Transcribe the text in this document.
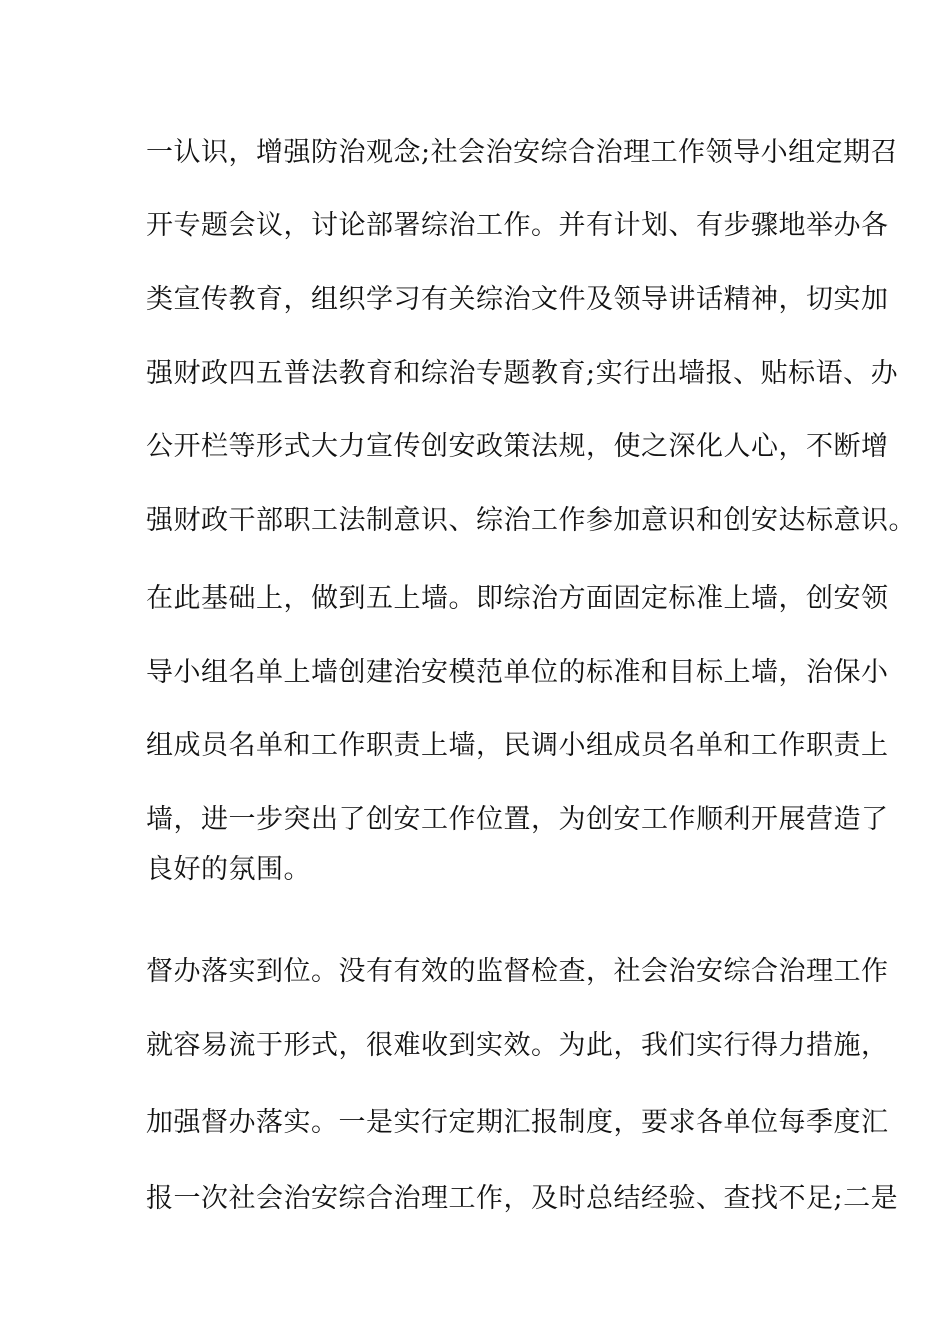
一认识，增强防治观念;社会治安综合治理工作领导小组定期召
开专题会议，讨论部署综治工作。并有计划、有步骤地举办各
类宣传教育，组织学习有关综治文件及领导讲话精神，切实加
强财政四五普法教育和综治专题教育;实行出墙报、贴标语、办
公开栏等形式大力宣传创安政策法规，使之深化人心，不断增
强财政干部职工法制意识、综治工作参加意识和创安达标意识。
在此基础上，做到五上墙。即综治方面固定标准上墙，创安领
导小组名单上墙创建治安模范单位的标准和目标上墙，治保小
组成员名单和工作职责上墙，民调小组成员名单和工作职责上
墙，进一步突出了创安工作位置，为创安工作顺利开展营造了
良好的氛围。
督办落实到位。没有有效的监督检查，社会治安综合治理工作
就容易流于形式，很难收到实效。为此，我们实行得力措施，
加强督办落实。一是实行定期汇报制度，要求各单位每季度汇
报一次社会治安综合治理工作，及时总结经验、查找不足;二是
